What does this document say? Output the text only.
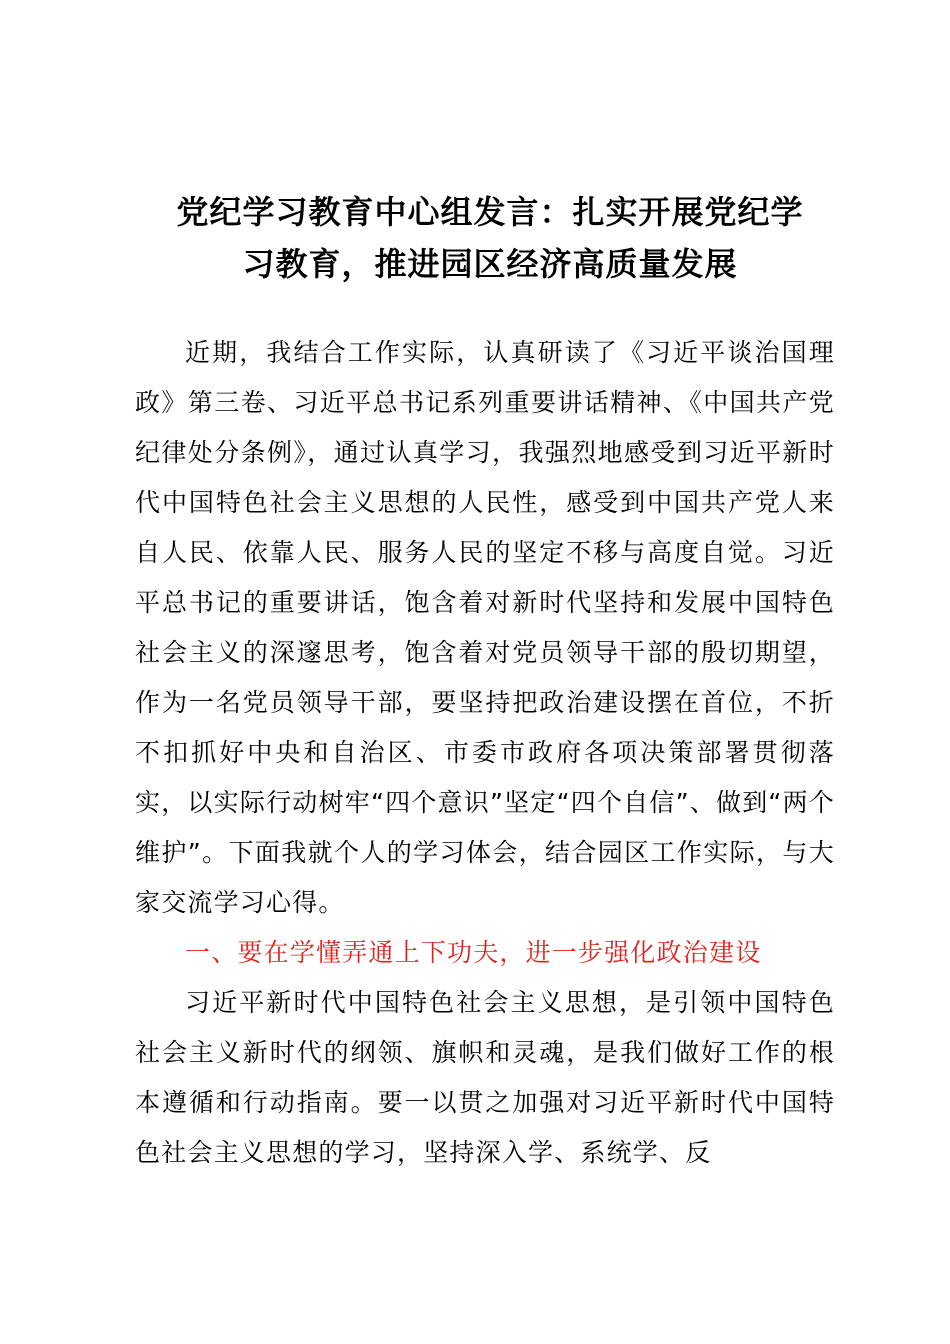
党纪学习教育中心组发言：扎实开展党纪学
习教育，推进园区经济高质量发展

近期，我结合工作实际，认真研读了《习近平谈治国理政》第三卷、习近平总书记系列重要讲话精神、《中国共产党纪律处分条例》，通过认真学习，我强烈地感受到习近平新时代中国特色社会主义思想的人民性，感受到中国共产党人来自人民、依靠人民、服务人民的坚定不移与高度自觉。习近平总书记的重要讲话，饱含着对新时代坚持和发展中国特色社会主义的深邃思考，饱含着对党员领导干部的殷切期望，作为一名党员领导干部，要坚持把政治建设摆在首位，不折不扣抓好中央和自治区、市委市政府各项决策部署贯彻落实，以实际行动树牢“四个意识”坚定“四个自信”、做到“两个维护”。下面我就个人的学习体会，结合园区工作实际，与大家交流学习心得。

一、要在学懂弄通上下功夫，进一步强化政治建设

习近平新时代中国特色社会主义思想，是引领中国特色社会主义新时代的纲领、旗帜和灵魂，是我们做好工作的根本遵循和行动指南。要一以贯之加强对习近平新时代中国特色社会主义思想的学习，坚持深入学、系统学、反
